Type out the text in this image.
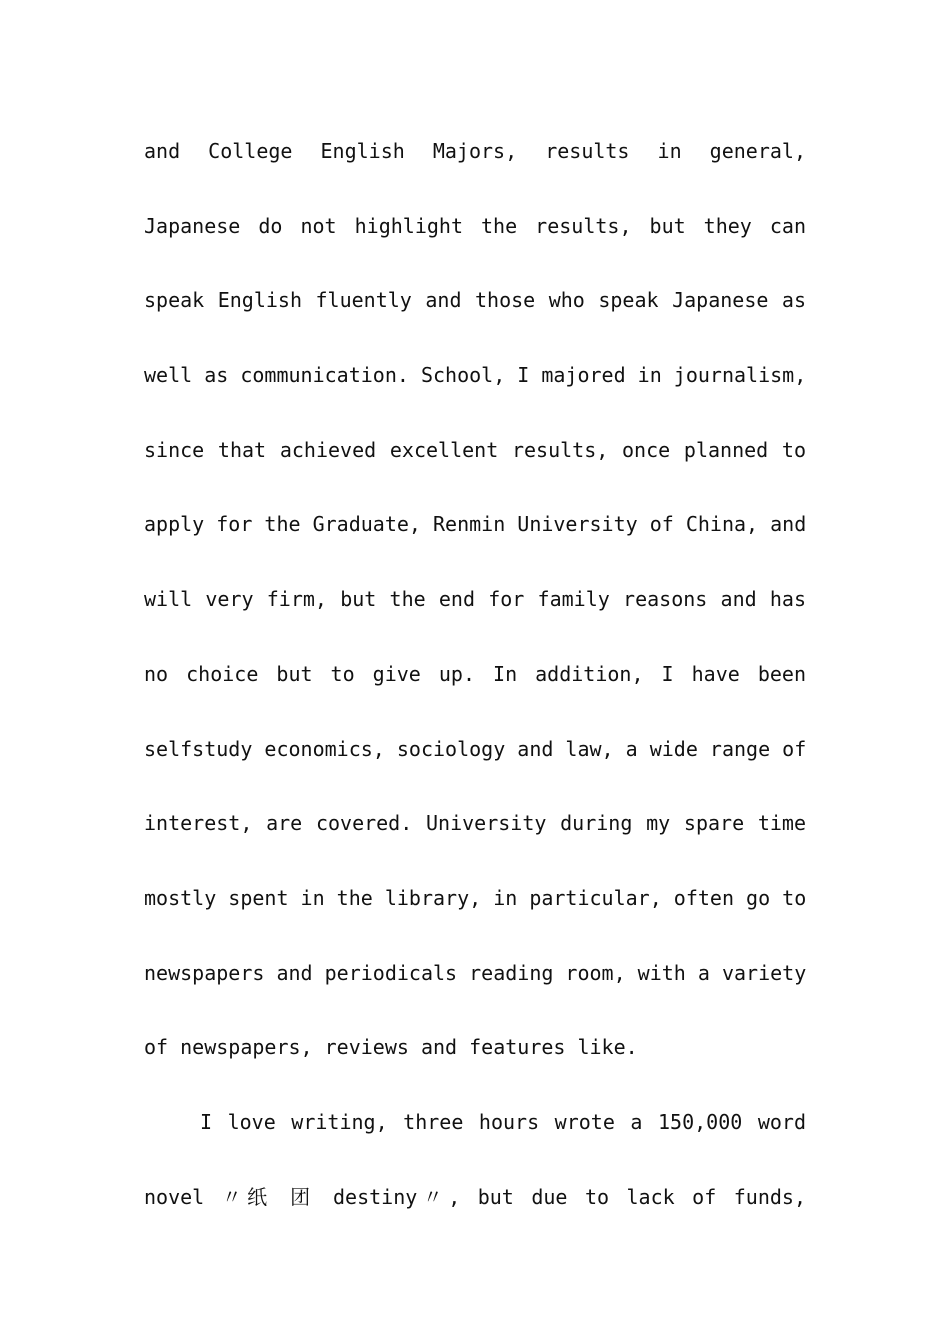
and College English Majors, results in general,
Japanese do not highlight the results, but they can
speak English fluently and those who speak Japanese as
well as communication. School, I majored in journalism,
since that achieved excellent results, once planned to
apply for the Graduate, Renmin University of China, and
will very firm, but the end for family reasons and has
no choice but to give up. In addition, I have been
selfstudy economics, sociology and law, a wide range of
interest, are covered. University during my spare time
mostly spent in the library, in particular, often go to
newspapers and periodicals reading room, with a variety
of newspapers, reviews and features like.
I love writing, three hours wrote a 150,000 word
novel 〃纸 团 destiny〃, but due to lack of funds,
